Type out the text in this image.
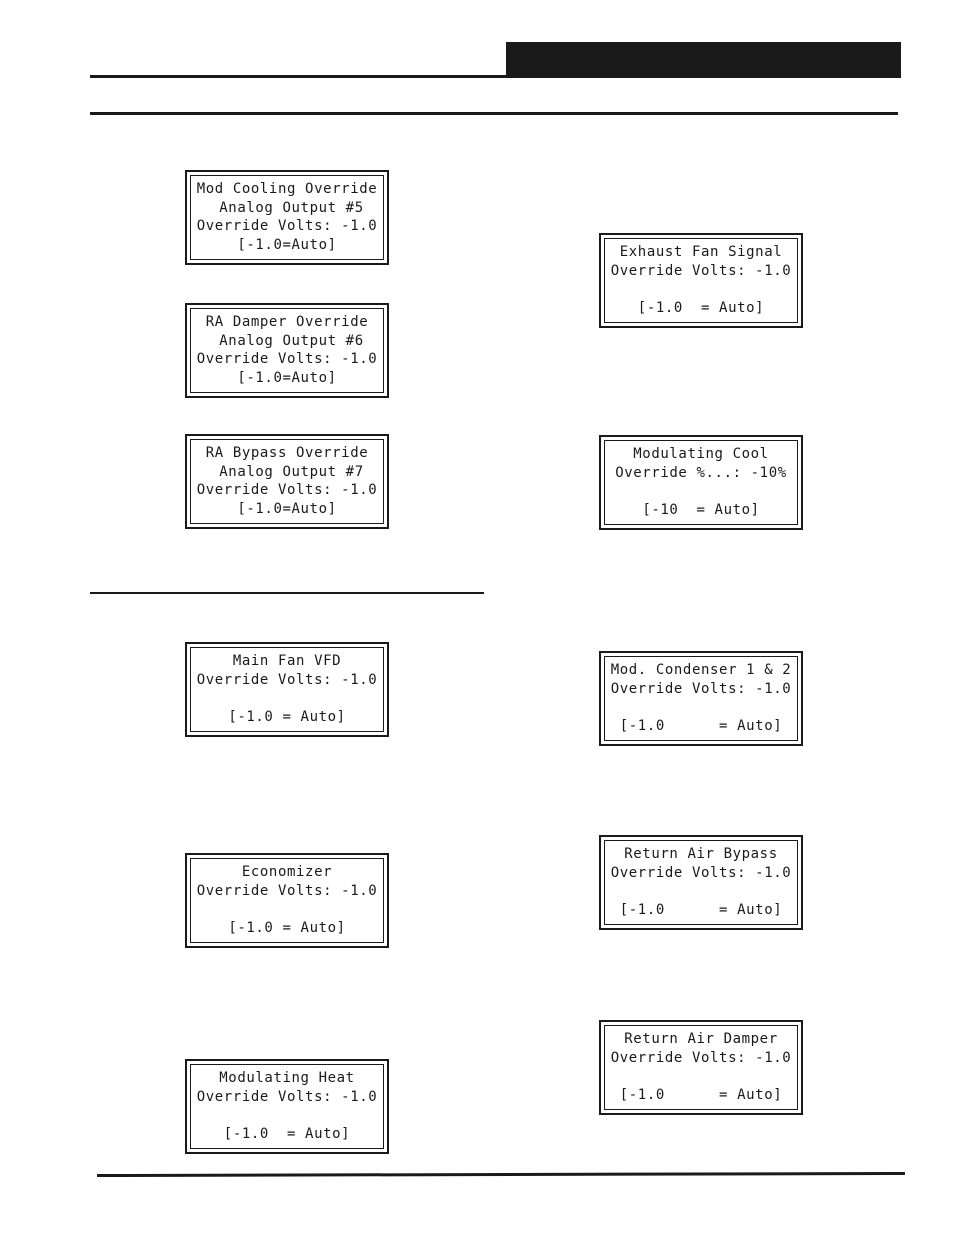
Mod Cooling Override
Analog Output #5
Override Volts: -1.0
[-1.0=Auto]
RA Damper Override
Analog Output #6
Override Volts: -1.0
[-1.0=Auto]
RA Bypass Override
Analog Output #7
Override Volts: -1.0
[-1.0=Auto]
Main Fan VFD
Override Volts: -1.0
[-1.0 = Auto]
Economizer
Override Volts: -1.0
[-1.0 = Auto]
Modulating Heat
Override Volts: -1.0
[-1.0  = Auto]
Exhaust Fan Signal
Override Volts: -1.0
[-1.0  = Auto]
Modulating Cool
Override %...: -10%
[-10  = Auto]
Mod. Condenser 1 & 2
Override Volts: -1.0
[-1.0      = Auto]
Return Air Bypass
Override Volts: -1.0
[-1.0      = Auto]
Return Air Damper
Override Volts: -1.0
[-1.0      = Auto]
